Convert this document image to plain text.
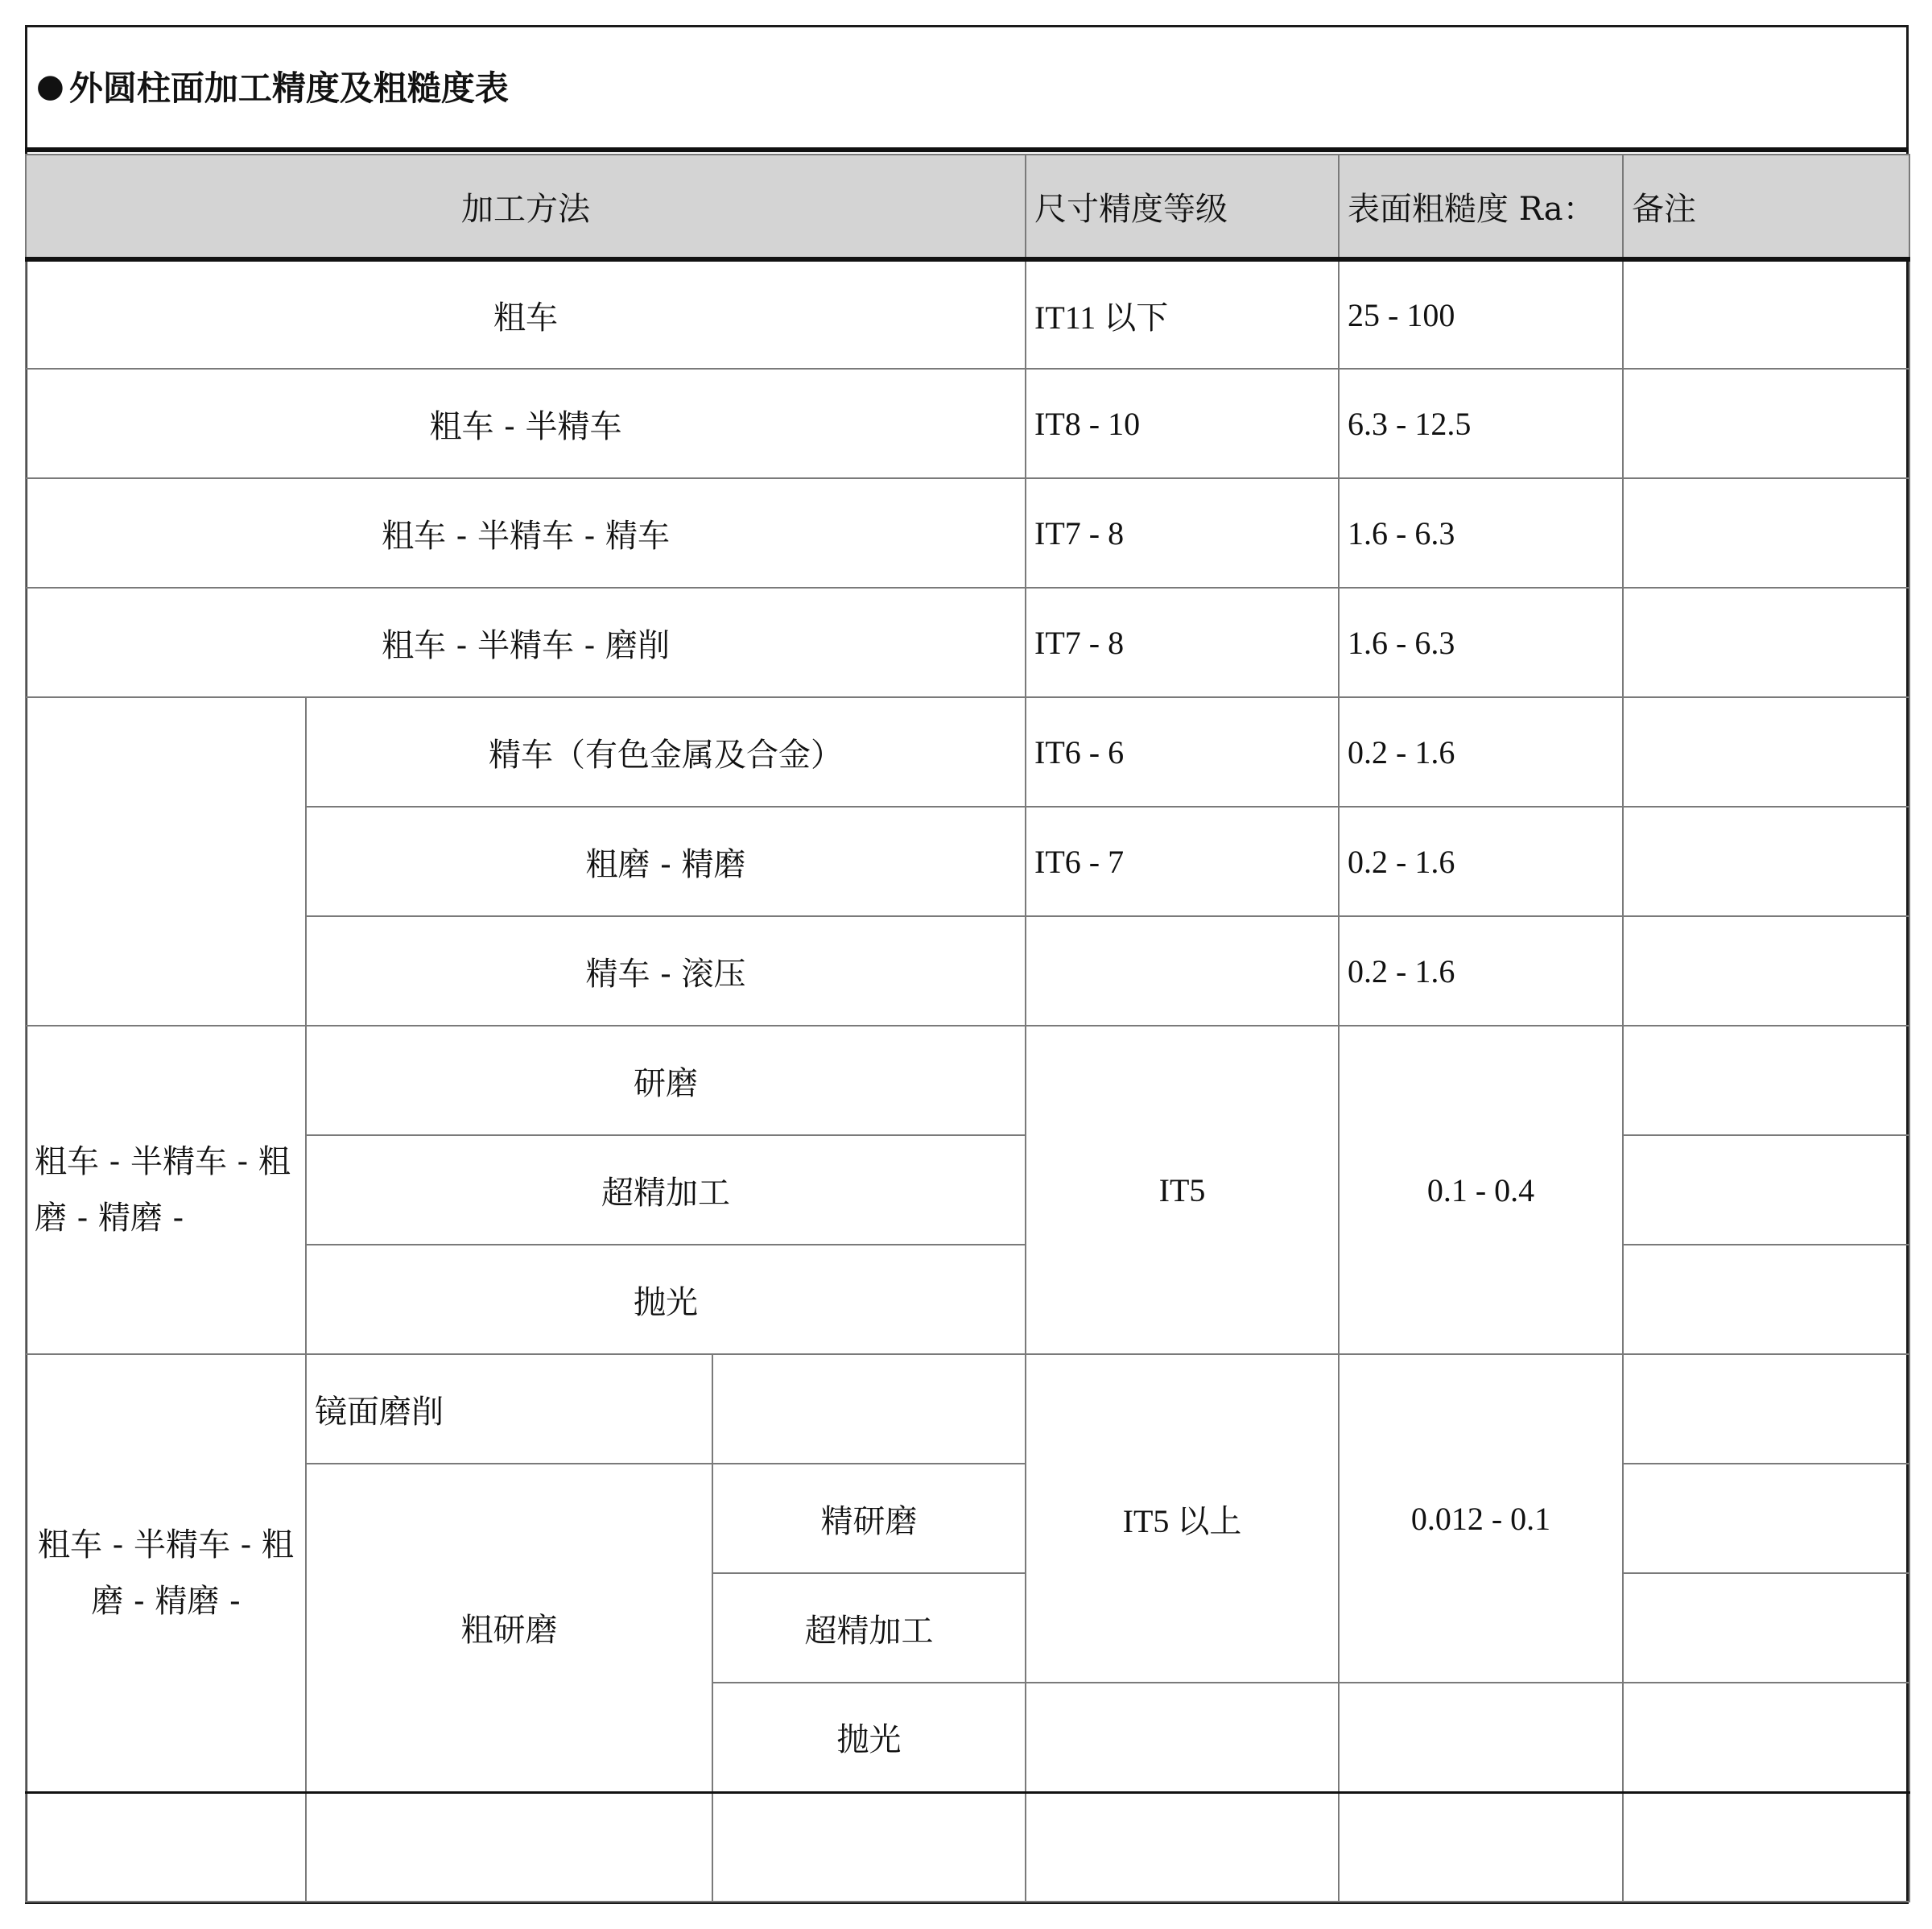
● 外圆柱面加工精度及粗糙度表
加工方法			尺寸精度等级	表面粗糙度 Ra：	备注
粗车			IT11 以下	25 - 100	
粗车 - 半精车			IT8 - 10	6.3 - 12.5	
粗车 - 半精车 - 精车			IT7 - 8	1.6 - 6.3	
粗车 - 半精车 - 磨削			IT7 - 8	1.6 - 6.3	
	精车（有色金属及合金）		IT6 - 6	0.2 - 1.6	
	粗磨 - 精磨		IT6 - 7	0.2 - 1.6	
	精车 - 滚压			0.2 - 1.6	
粗车 - 半精车 - 粗磨 - 精磨 -	研磨		IT5	0.1 - 0.4	
	超精加工				
	抛光				
粗车 - 半精车 - 粗磨 - 精磨 -	镜面磨削		IT5 以上	0.012 - 0.1	
	粗研磨	精研磨			
		超精加工			
		抛光			
